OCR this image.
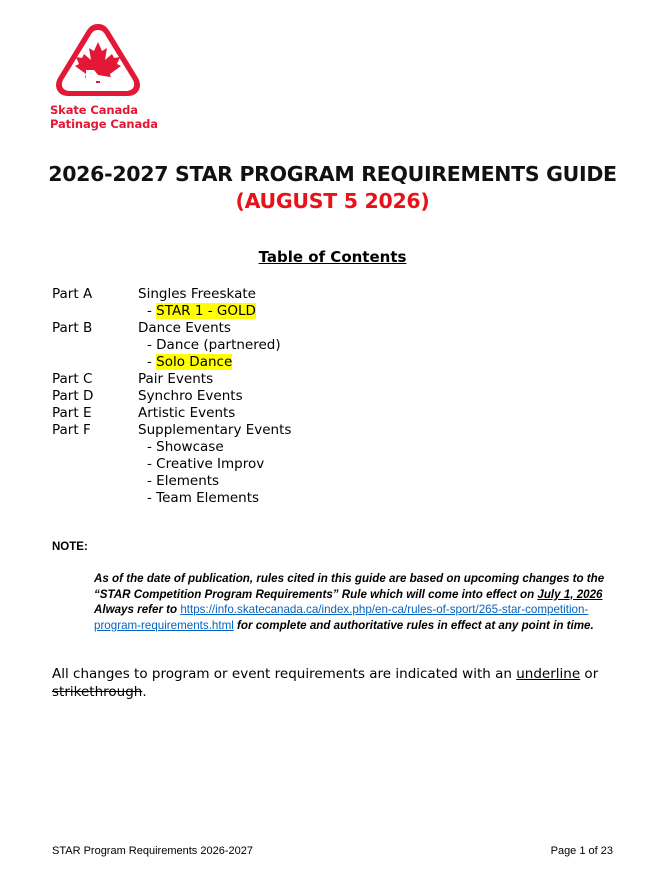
Skate Canada
Patinage Canada
2026-2027 STAR PROGRAM REQUIREMENTS GUIDE
(AUGUST 5 2026)
Table of Contents
Part A	Singles Freeskate
- STAR 1 - GOLD
Part B	Dance Events
- Dance (partnered)
- Solo Dance
Part C	Pair Events
Part D	Synchro Events
Part E	Artistic Events
Part F	Supplementary Events
- Showcase
- Creative Improv
- Elements
- Team Elements
NOTE:
As of the date of publication, rules cited in this guide are based on upcoming changes to the “STAR Competition Program Requirements” Rule which will come into effect on July 1, 2026 Always refer to https://info.skatecanada.ca/index.php/en-ca/rules-of-sport/265-star-competition-program-requirements.html for complete and authoritative rules in effect at any point in time.
All changes to program or event requirements are indicated with an underline or strikethrough.
STAR Program Requirements 2026-2027	Page 1 of 23
